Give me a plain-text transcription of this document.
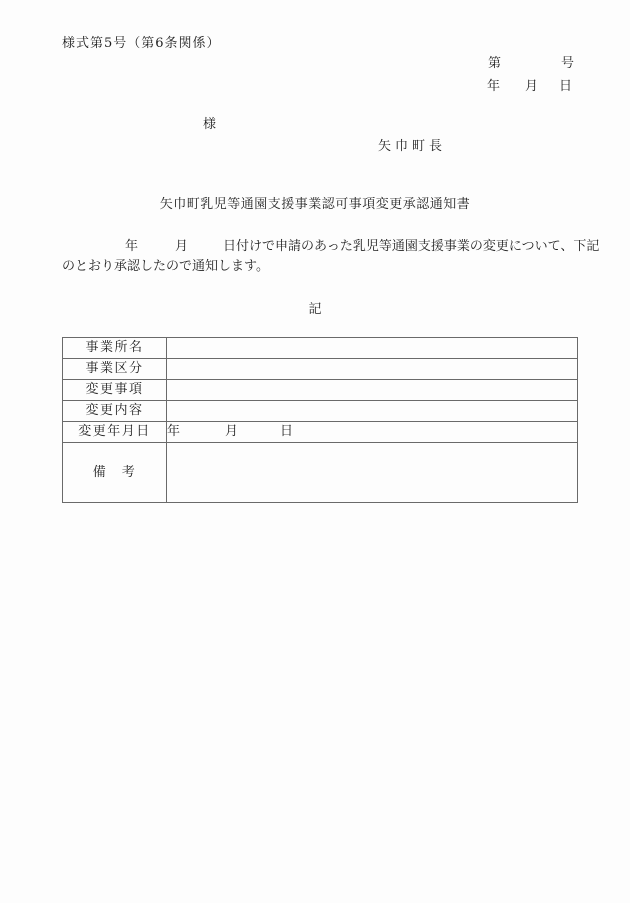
様式第5号（第6条関係）
第	号
年 月 日
様
矢巾町長
矢巾町乳児等通園支援事業認可事項変更承認通知書
年	月	日付けで申請のあった乳児等通園支援事業の変更について、下記
のとおり承認したので通知します。
記
事業所名	
事業区分	
変更事項	
変更内容	
変更年月日	年 月 日
備　考	
